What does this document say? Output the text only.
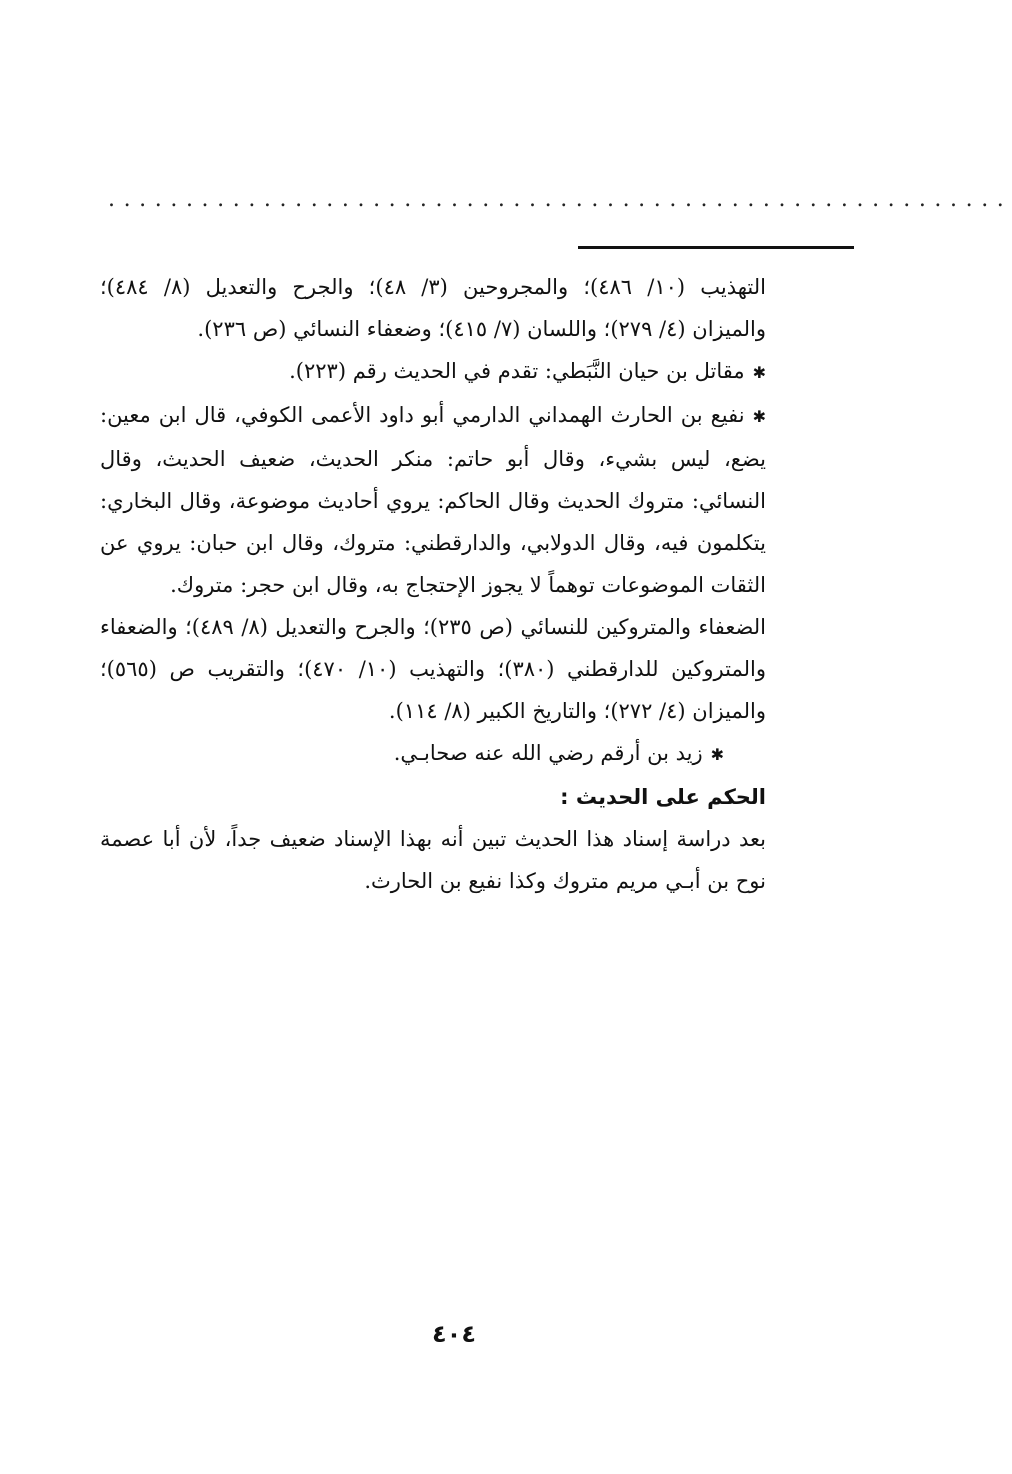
..........................................................

التهذيب (١٠/ ٤٨٦)؛ والمجروحين (٣/ ٤٨)؛ والجرح والتعديل (٨/ ٤٨٤)؛ والميزان (٤/ ٢٧٩)؛ واللسان (٧/ ٤١٥)؛ وضعفاء النسائي (ص ٢٣٦).

✱مقاتل بن حيان النَّبَطي: تقدم في الحديث رقم (٢٢٣).

✱نفيع بن الحارث الهمداني الدارمي أبو داود الأعمى الكوفي، قال ابن معين: يضع، ليس بشيء، وقال أبو حاتم: منكر الحديث، ضعيف الحديث، وقال النسائي: متروك الحديث وقال الحاكم: يروي أحاديث موضوعة، وقال البخاري: يتكلمون فيه، وقال الدولابي، والدارقطني: متروك، وقال ابن حبان: يروي عن الثقات الموضوعات توهماً لا يجوز الإحتجاج به، وقال ابن حجر: متروك.

الضعفاء والمتروكين للنسائي (ص ٢٣٥)؛ والجرح والتعديل (٨/ ٤٨٩)؛ والضعفاء والمتروكين للدارقطني (٣٨٠)؛ والتهذيب (١٠/ ٤٧٠)؛ والتقريب ص (٥٦٥)؛ والميزان (٤/ ٢٧٢)؛ والتاريخ الكبير (٨/ ١١٤).

  ✱زيد بن أرقم رضي الله عنه صحابـي.

الحكم على الحديث :

بعد دراسة إسناد هذا الحديث تبين أنه بهذا الإسناد ضعيف جداً، لأن أبا عصمة نوح بن أبـي مريم متروك وكذا نفيع بن الحارث.

٤٠٤
